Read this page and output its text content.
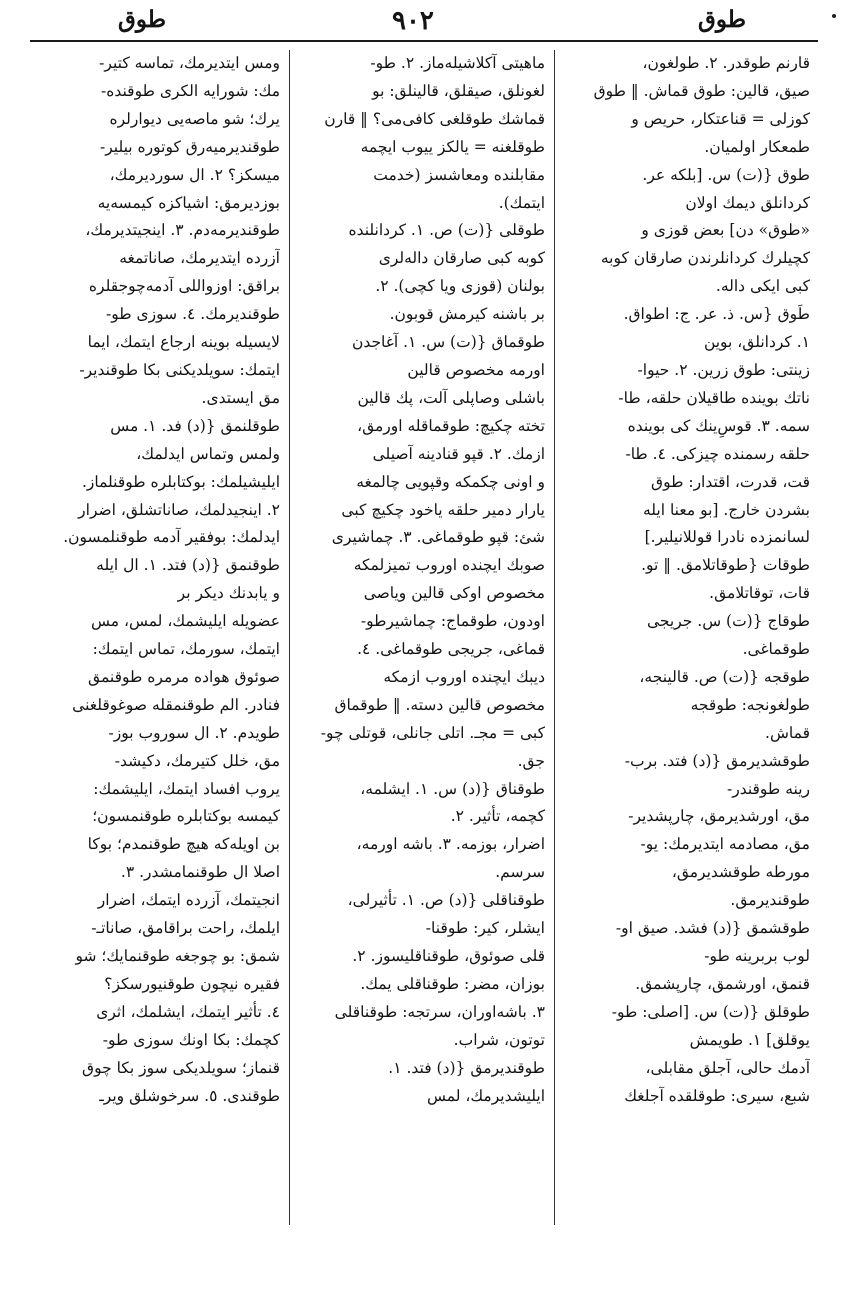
طوق	٩٠٢	طوق
قارنم طوقدر. ٢. طولغون،
صيق، قالين: طوق قماش. ‖ طوق
كوزلى = قناعتكار، حريص و
طمعكار اولميان.
طوق {(ت) س. [بلكه عر.
كردانلق ديمك اولان
«طوق» دن] بعض قوزى و
كچيلرك كردانلرندن صارقان كوبه
كبى ايكى داله.
طَوق {س. ذ. عر. ج: اطواق.
١. كردانلق، بوين
زينتى: طوق زرين. ٢. حيوا-
ناتك بوينده طاقيلان حلقه، طا-
سمه. ٣. قوس‌ِينك كى بوينده
حلقه رسمنده چيزكى. ٤. طا-
قت، قدرت، اقتدار: طوق
بشردن خارج. [بو معنا ايله
لسانمزده نادرا قوللانيلير.]
طوقات {طوقاتلامق. ‖ تو.
قات، توقاتلامق.
طوقاج {(ت) س. جريجى
طوقماغى.
طوقجه {(ت) ص. قالينجه،
طولغونجه: طوقجه
قماش.
طوقشديرمق {(د) فتد. برب-
رينه طوقندر-
مق، اورشديرمق، چارپشدير-
مق، مصادمه ايتديرمك: يو-
مورطه طوقشديرمق،
طوقنديرمق.
طوقشمق {(د) فشد. صيق او-
لوب بربرينه طو-
قنمق، اورشمق، چارپشمق.
طوقلق {(ت) س. [اصلى: طو-
يوقلق] ١. طويمش
آدمك حالى، آجلق مقابلى،
شبع، سيرى: طوقلقده آجلغك
ماهيتى آكلاشيله‌ماز. ٢. طو-
لغونلق، صيقلق، قالينلق: بو
قماشك طوقلغى كافى‌مى؟ ‖ قارن
طوقلغنه = يالكز ييوب ايچمه
مقابلنده ومعاشسز (خدمت
ايتمك).
طوقلى {(ت) ص. ١. كردانلنده
كوبه كبى صارقان دالەلرى
بولنان (قوزى ويا كچى). ٢.
بر باشنه كيرمش قوبون.
طوقماق {(ت) س. ١. آغاجدن
اورمه مخصوص قالين
باشلى وصاپلى آلت، پك قالين
تخته چكيچ: طوقماقله اورمق،
ازمك. ٢. قپو قنادينه آصيلى
و اونى چكمكه وقپويى چالمغه
يارار دمير حلقه ياخود چكيچ كبى
شئ: قپو طوقماغى. ٣. چماشيرى
صوبك ايچنده اوروب تميزلمكه
مخصوص اوكى قالين وياصى
اودون، طوقماج: چماشيرطو-
قماغى، جريجى طوقماغى. ٤.
ديبك ايچنده اوروب ازمكه
مخصوص قالين دسته. ‖ طوقماق
كبى = مجـ. اتلى جانلى، قوتلى چو-
جق.
طوقناق {(د) س. ١. ايشلمه،
كچمه، تأثير. ٢.
اضرار، بوزمه. ٣. باشه اورمه،
سرسم.
طوقناقلى {(د) ص. ١. تأثيرلى،
ايشلر، كير: طوقنا-
قلى صوئوق، طوقناقليسوز. ٢.
بوزان، مضر: طوقناقلى يمك.
٣. باشه‌اوران، سرتجه: طوقناقلى
توتون، شراب.
طوقنديرمق {(د) فتد. ١.
ايليشديرمك، لمس
ومس ايتديرمك، تماسه كتير-
مك: شورايه الكرى طوقنده-
يرك؛ شو ماصه‌يى ديوارلره
طوقنديرميه‌رق كوتوره بيلير-
ميسكز؟ ٢. ال سورديرمك،
بوزديرمق: اشياكزه كيمسه‌يه
طوقنديرمەدم. ٣. اينجيتديرمك،
آزرده ايتديرمك، صاناتمغه
براقق: اوزواللى آدمه‌چوجقلره
طوقنديرمك. ٤. سوزى طو-
لايسيله بوينه ارجاع ايتمك، ايما
ايتمك: سويلديكنى بكا طوقندير-
مق ايستدى.
طوقلنمق {(د) فد. ١. مس
ولمس وتماس ايدلمك،
ايليشيلمك: بوكتابلره طوقنلماز.
٢. اينجيدلمك، صاناتشلق، اضرار
ايدلمك: بوفقير آدمه طوقنلمسون.
طوقنمق {(د) فتد. ١. ال ايله
و يابدنك ديكر بر
عضويله ايليشمك، لمس، مس
ايتمك، سورمك، تماس ايتمك:
صوئوق هواده مرمره طوقنمق
فنادر. الم طوقنمقله صوغوقلغنى
طويدم. ٢. ال سوروب بوز-
مق، خلل كتيرمك، دكيشد-
يروب افساد ايتمك، ايليشمك:
كيمسه بوكتابلره طوقنمسون؛
بن اويله‌كه هيچ طوقنمدم؛ بوكا
اصلا ال طوقنمامشدر. ٣.
انجيتمك، آزرده ايتمك، اضرار
ايلمك، راحت براقامق، صاناتـ-
شمق: بو چوجغه طوقنمايك؛ شو
فقيره نيچون طوقنيورسكز؟
٤. تأثير ايتمك، ايشلمك، اثرى
كچمك: بكا اونك سوزى طو-
قنماز؛ سويلديكى سوز بكا چوق
طوقندى. ٥. سرخوشلق ويرـ
